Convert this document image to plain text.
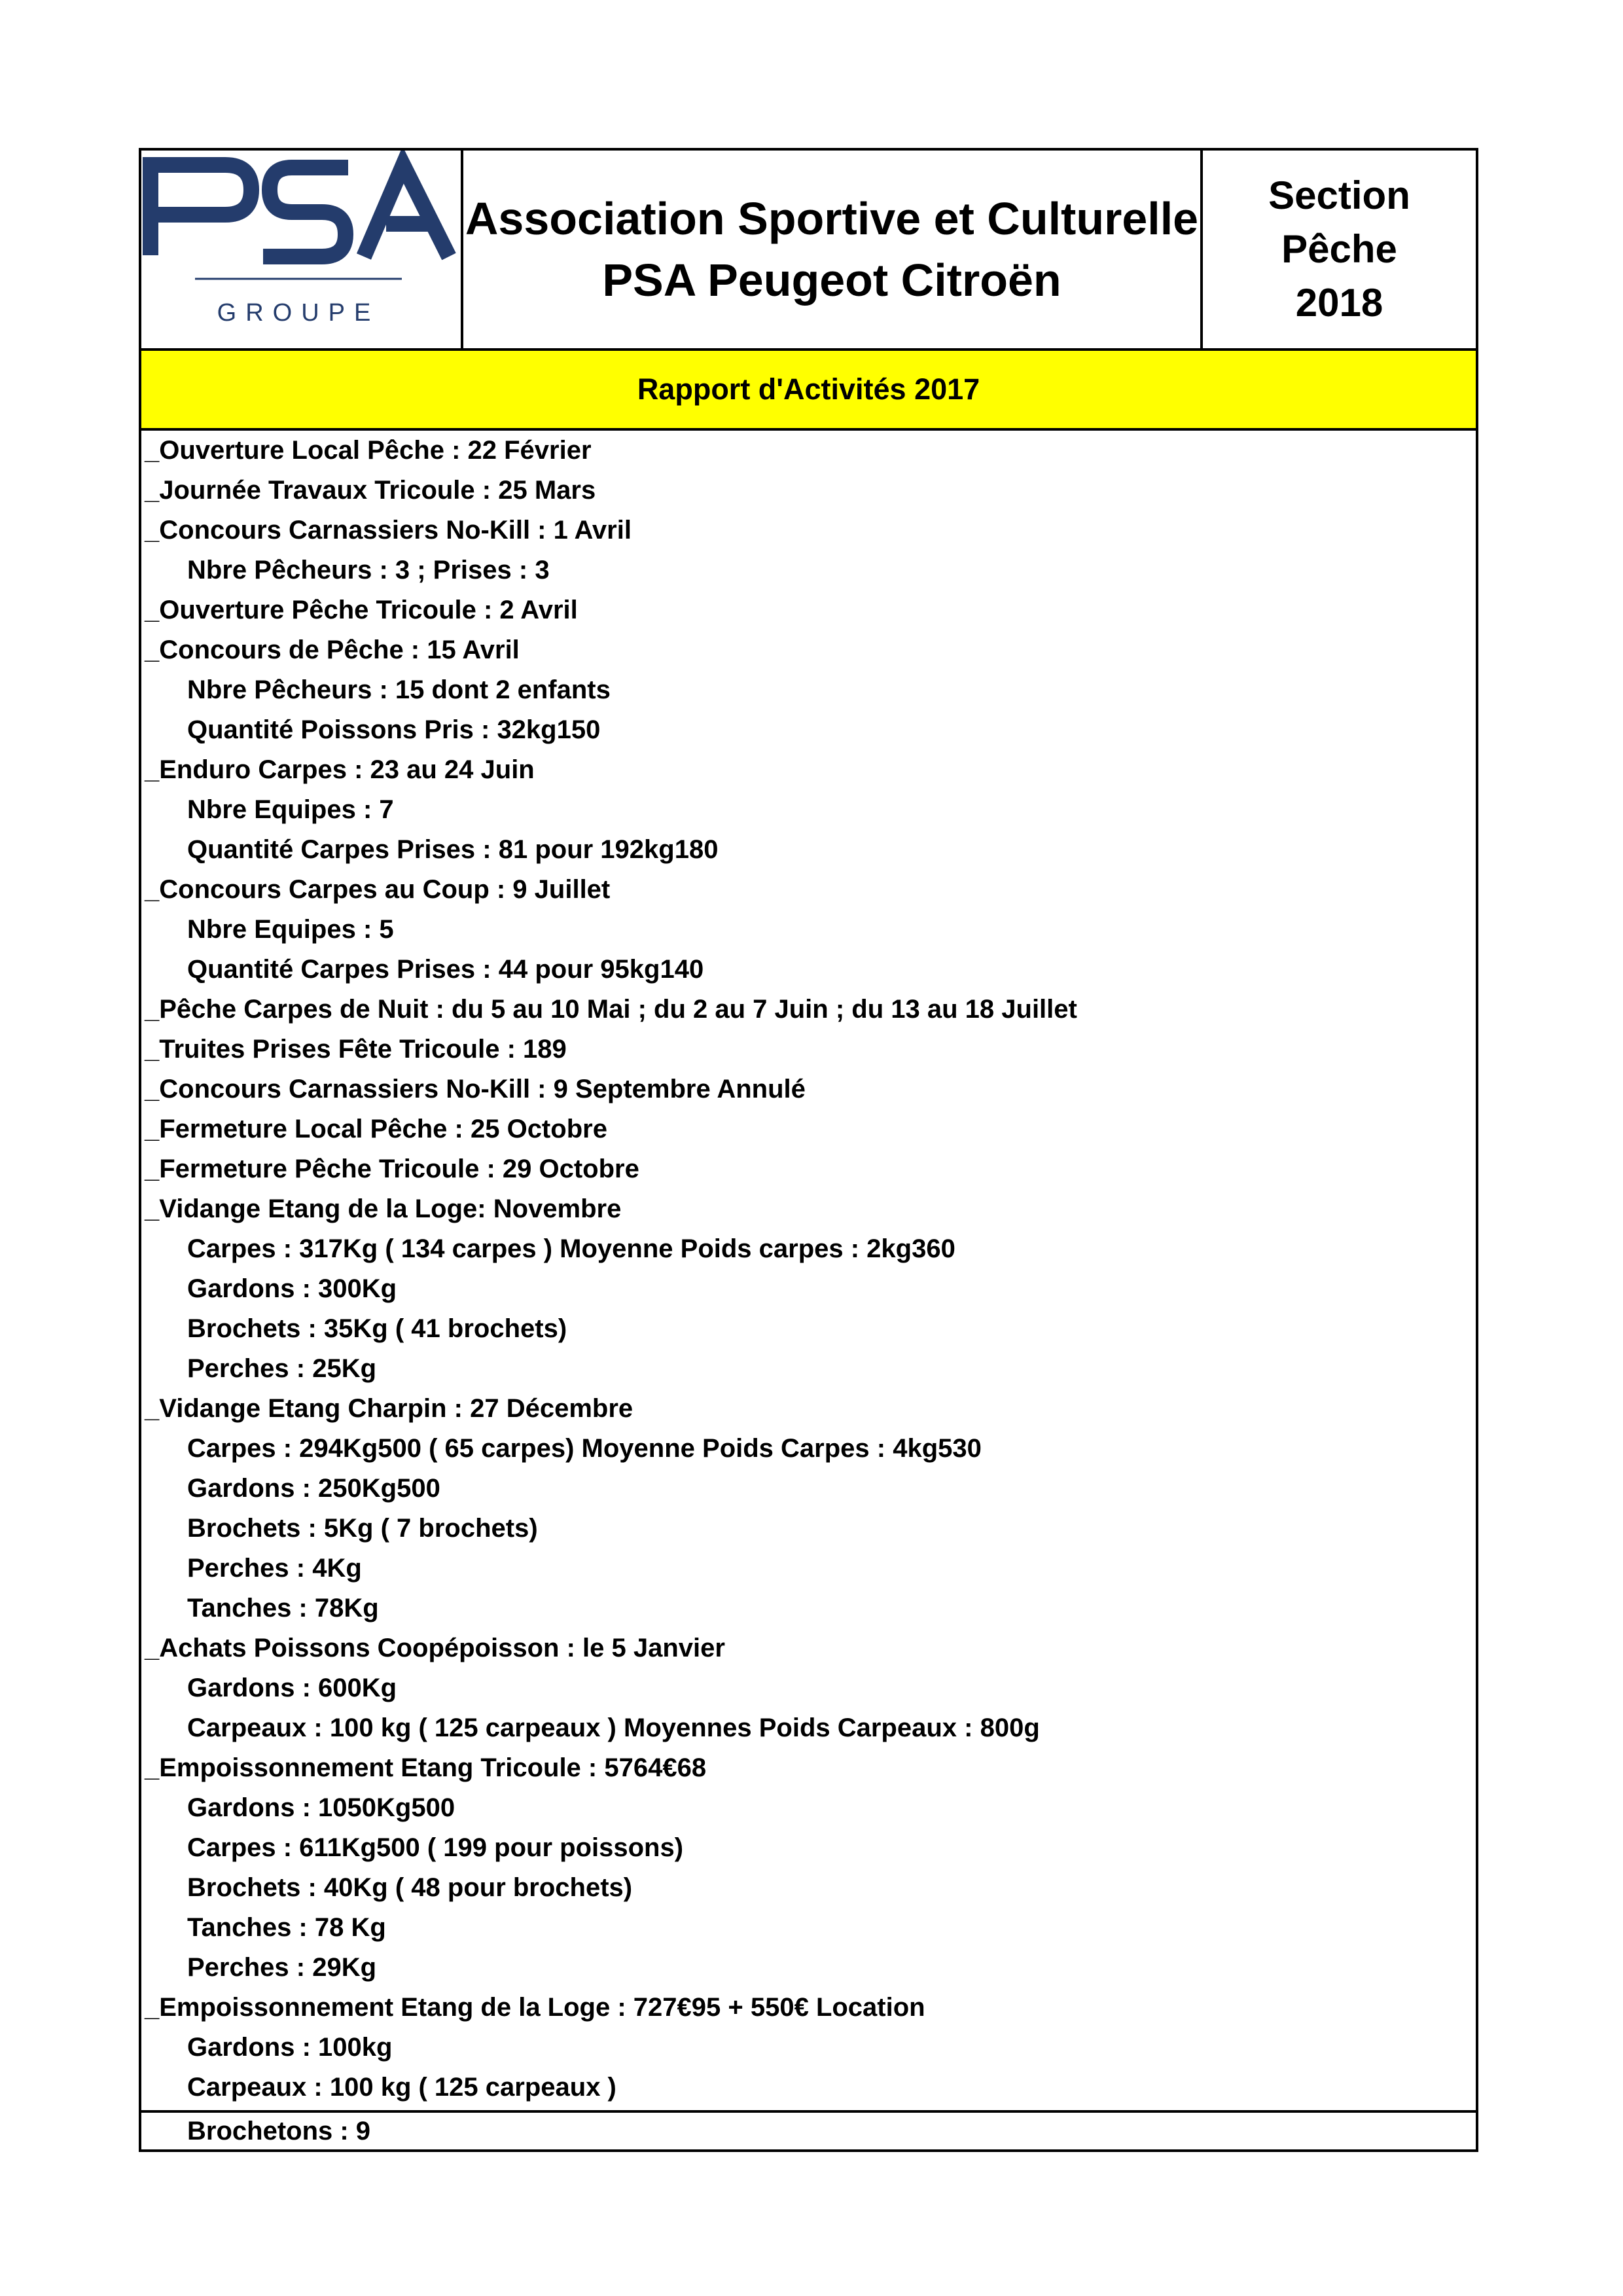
GROUPE
Association Sportive et Culturelle
PSA Peugeot Citroën
Section
Pêche
2018
Rapport d'Activités 2017
_Ouverture Local Pêche : 22 Février
_Journée Travaux Tricoule : 25 Mars
_Concours Carnassiers No-Kill : 1 Avril
Nbre Pêcheurs : 3 ; Prises : 3
_Ouverture Pêche Tricoule : 2 Avril
_Concours de Pêche : 15 Avril
Nbre Pêcheurs : 15 dont 2 enfants
Quantité Poissons Pris : 32kg150
_Enduro Carpes : 23 au 24 Juin
Nbre Equipes : 7
Quantité Carpes Prises : 81 pour 192kg180
_Concours Carpes au Coup : 9 Juillet
Nbre Equipes : 5
Quantité Carpes Prises : 44 pour 95kg140
_Pêche Carpes de Nuit : du 5 au 10 Mai ; du 2 au 7 Juin ; du 13 au 18 Juillet
_Truites Prises Fête Tricoule : 189
_Concours Carnassiers No-Kill : 9 Septembre Annulé
_Fermeture Local Pêche : 25 Octobre
_Fermeture Pêche Tricoule : 29 Octobre
_Vidange Etang de la Loge: Novembre
Carpes : 317Kg ( 134 carpes ) Moyenne Poids carpes : 2kg360
Gardons : 300Kg
Brochets : 35Kg ( 41 brochets)
Perches : 25Kg
_Vidange Etang Charpin : 27 Décembre
Carpes : 294Kg500 ( 65 carpes) Moyenne Poids Carpes : 4kg530
Gardons : 250Kg500
Brochets : 5Kg ( 7 brochets)
Perches : 4Kg
Tanches : 78Kg
_Achats Poissons Coopépoisson : le 5 Janvier
Gardons : 600Kg
Carpeaux : 100 kg ( 125 carpeaux ) Moyennes Poids Carpeaux : 800g
_Empoissonnement Etang Tricoule : 5764€68
Gardons : 1050Kg500
Carpes : 611Kg500 ( 199 pour poissons)
Brochets : 40Kg ( 48 pour brochets)
Tanches : 78 Kg
Perches : 29Kg
_Empoissonnement Etang de la Loge : 727€95 + 550€ Location
Gardons : 100kg
Carpeaux : 100 kg ( 125 carpeaux )
Brochetons : 9
